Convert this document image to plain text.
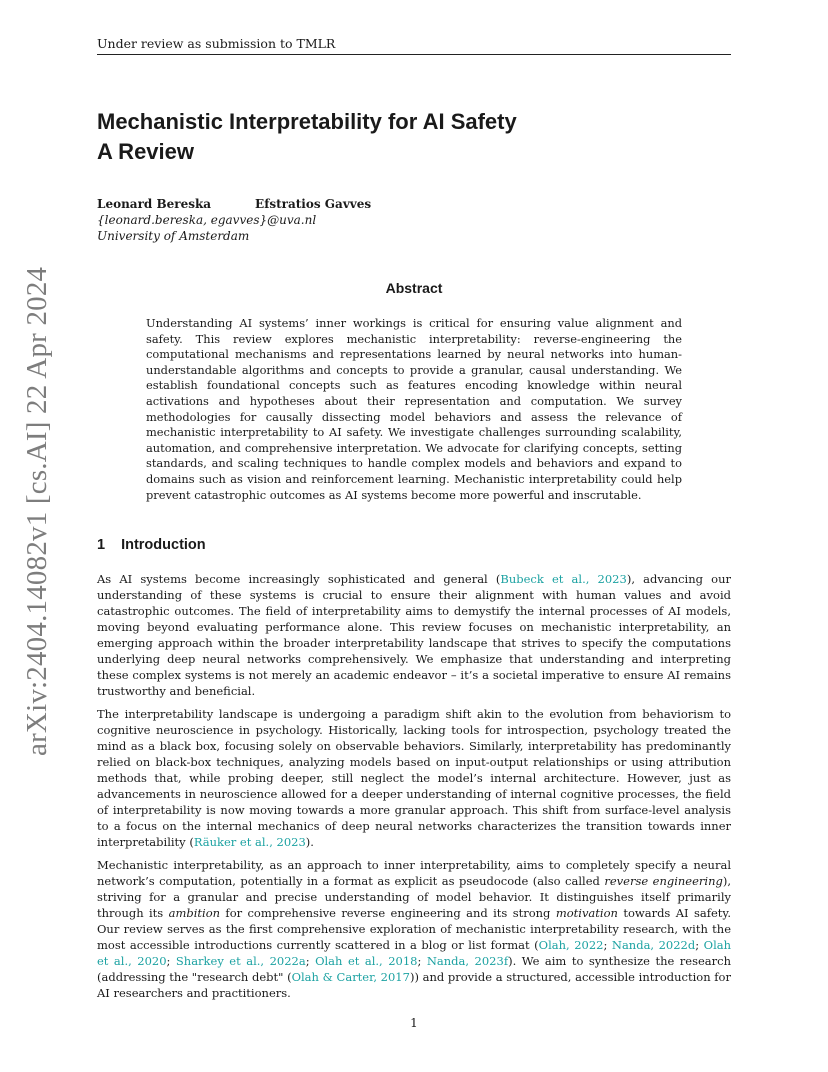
Under review as submission to TMLR
arXiv:2404.14082v1 [cs.AI] 22 Apr 2024
Mechanistic Interpretability for AI Safety
A Review
Leonard Bereska	Efstratios Gavves
{leonard.bereska, egavves}@uva.nl
University of Amsterdam
Abstract

Understanding AI systems’ inner workings is critical for ensuring value alignment and safety. This review explores mechanistic interpretability: reverse-engineering the computational mechanisms and representations learned by neural networks into human-understandable algorithms and concepts to provide a granular, causal understanding. We establish foundational concepts such as features encoding knowledge within neural activations and hypotheses about their representation and computation. We survey methodologies for causally dissecting model behaviors and assess the relevance of mechanistic interpretability to AI safety. We investigate challenges surrounding scalability, automation, and comprehensive interpretation. We advocate for clarifying concepts, setting standards, and scaling techniques to handle complex models and behaviors and expand to domains such as vision and reinforcement learning. Mechanistic interpretability could help prevent catastrophic outcomes as AI systems become more powerful and inscrutable.

1 Introduction

As AI systems become increasingly sophisticated and general (Bubeck et al., 2023), advancing our understanding of these systems is crucial to ensure their alignment with human values and avoid catastrophic outcomes. The field of interpretability aims to demystify the internal processes of AI models, moving beyond evaluating performance alone. This review focuses on mechanistic interpretability, an emerging approach within the broader interpretability landscape that strives to specify the computations underlying deep neural networks comprehensively. We emphasize that understanding and interpreting these complex systems is not merely an academic endeavor – it’s a societal imperative to ensure AI remains trustworthy and beneficial.

The interpretability landscape is undergoing a paradigm shift akin to the evolution from behaviorism to cognitive neuroscience in psychology. Historically, lacking tools for introspection, psychology treated the mind as a black box, focusing solely on observable behaviors. Similarly, interpretability has predominantly relied on black-box techniques, analyzing models based on input-output relationships or using attribution methods that, while probing deeper, still neglect the model’s internal architecture. However, just as advancements in neuroscience allowed for a deeper understanding of internal cognitive processes, the field of interpretability is now moving towards a more granular approach. This shift from surface-level analysis to a focus on the internal mechanics of deep neural networks characterizes the transition towards inner interpretability (Räuker et al., 2023).

Mechanistic interpretability, as an approach to inner interpretability, aims to completely specify a neural network’s computation, potentially in a format as explicit as pseudocode (also called reverse engineering), striving for a granular and precise understanding of model behavior. It distinguishes itself primarily through its ambition for comprehensive reverse engineering and its strong motivation towards AI safety. Our review serves as the first comprehensive exploration of mechanistic interpretability research, with the most accessible introductions currently scattered in a blog or list format (Olah, 2022; Nanda, 2022d; Olah et al., 2020; Sharkey et al., 2022a; Olah et al., 2018; Nanda, 2023f). We aim to synthesize the research (addressing the "research debt" (Olah & Carter, 2017)) and provide a structured, accessible introduction for AI researchers and practitioners.

1
